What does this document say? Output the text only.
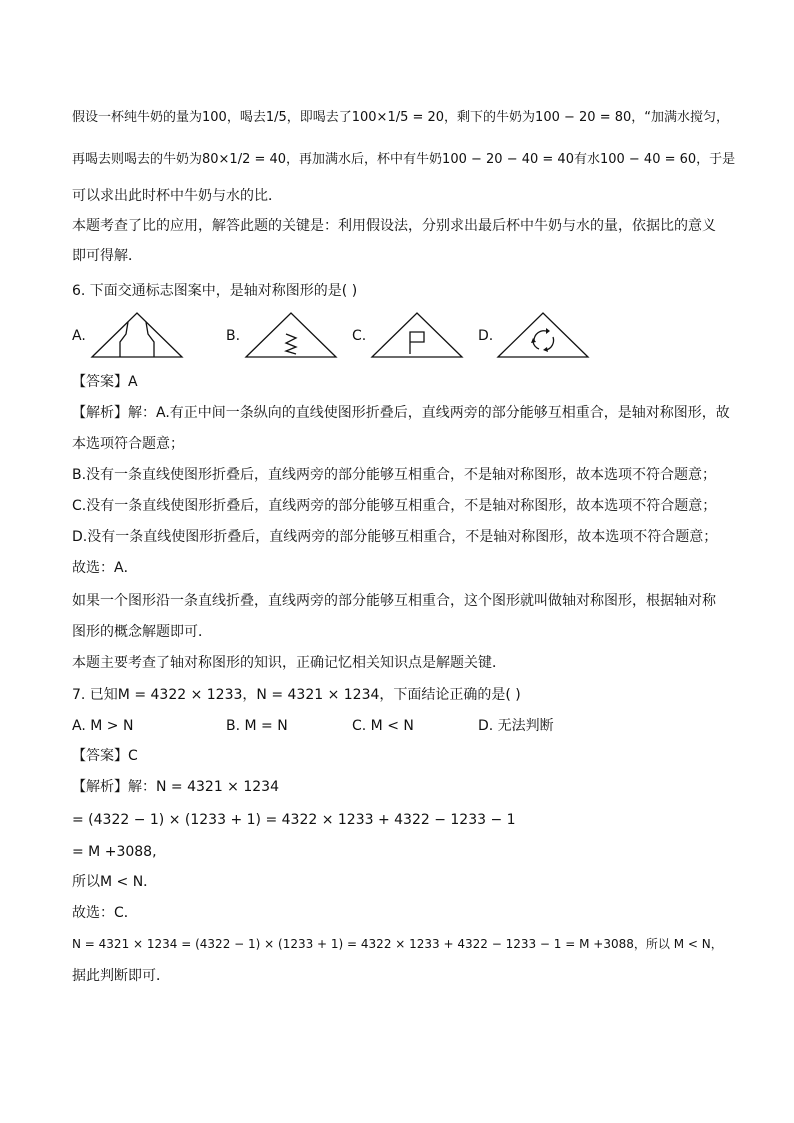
假设一杯纯牛奶的量为100，喝去1/5，即喝去了100×1/5 = 20，剩下的牛奶为100 − 20 = 80，“加满水搅匀，
再喝去则喝去的牛奶为80×1/2 = 40，再加满水后，杯中有牛奶100 − 20 − 40 = 40有水100 − 40 = 60，于是
可以求出此时杯中牛奶与水的比．
本题考查了比的应用，解答此题的关键是：利用假设法，分别求出最后杯中牛奶与水的量，依据比的意义
即可得解．
6. 下面交通标志图案中，是轴对称图形的是( )
A.	B.	C.	D.
【答案】A
【解析】解：A.有正中间一条纵向的直线使图形折叠后，直线两旁的部分能够互相重合，是轴对称图形，故
本选项符合题意；
B.没有一条直线使图形折叠后，直线两旁的部分能够互相重合，不是轴对称图形，故本选项不符合题意；
C.没有一条直线使图形折叠后，直线两旁的部分能够互相重合，不是轴对称图形，故本选项不符合题意；
D.没有一条直线使图形折叠后，直线两旁的部分能够互相重合，不是轴对称图形，故本选项不符合题意；
故选：A．
如果一个图形沿一条直线折叠，直线两旁的部分能够互相重合，这个图形就叫做轴对称图形，根据轴对称
图形的概念解题即可．
本题主要考查了轴对称图形的知识，正确记忆相关知识点是解题关键．
7. 已知M = 4322 × 1233，N = 4321 × 1234，下面结论正确的是( )
A. M > N	B. M = N	C. M < N	D. 无法判断
【答案】C
【解析】解：N = 4321 × 1234
= (4322 − 1) × (1233 + 1) = 4322 × 1233 + 4322 − 1233 − 1
= M +3088,
所以M < N．
故选：C．
N = 4321 × 1234 = (4322 − 1) × (1233 + 1) = 4322 × 1233 + 4322 − 1233 − 1 = M +3088，所以 M < N，
据此判断即可．
